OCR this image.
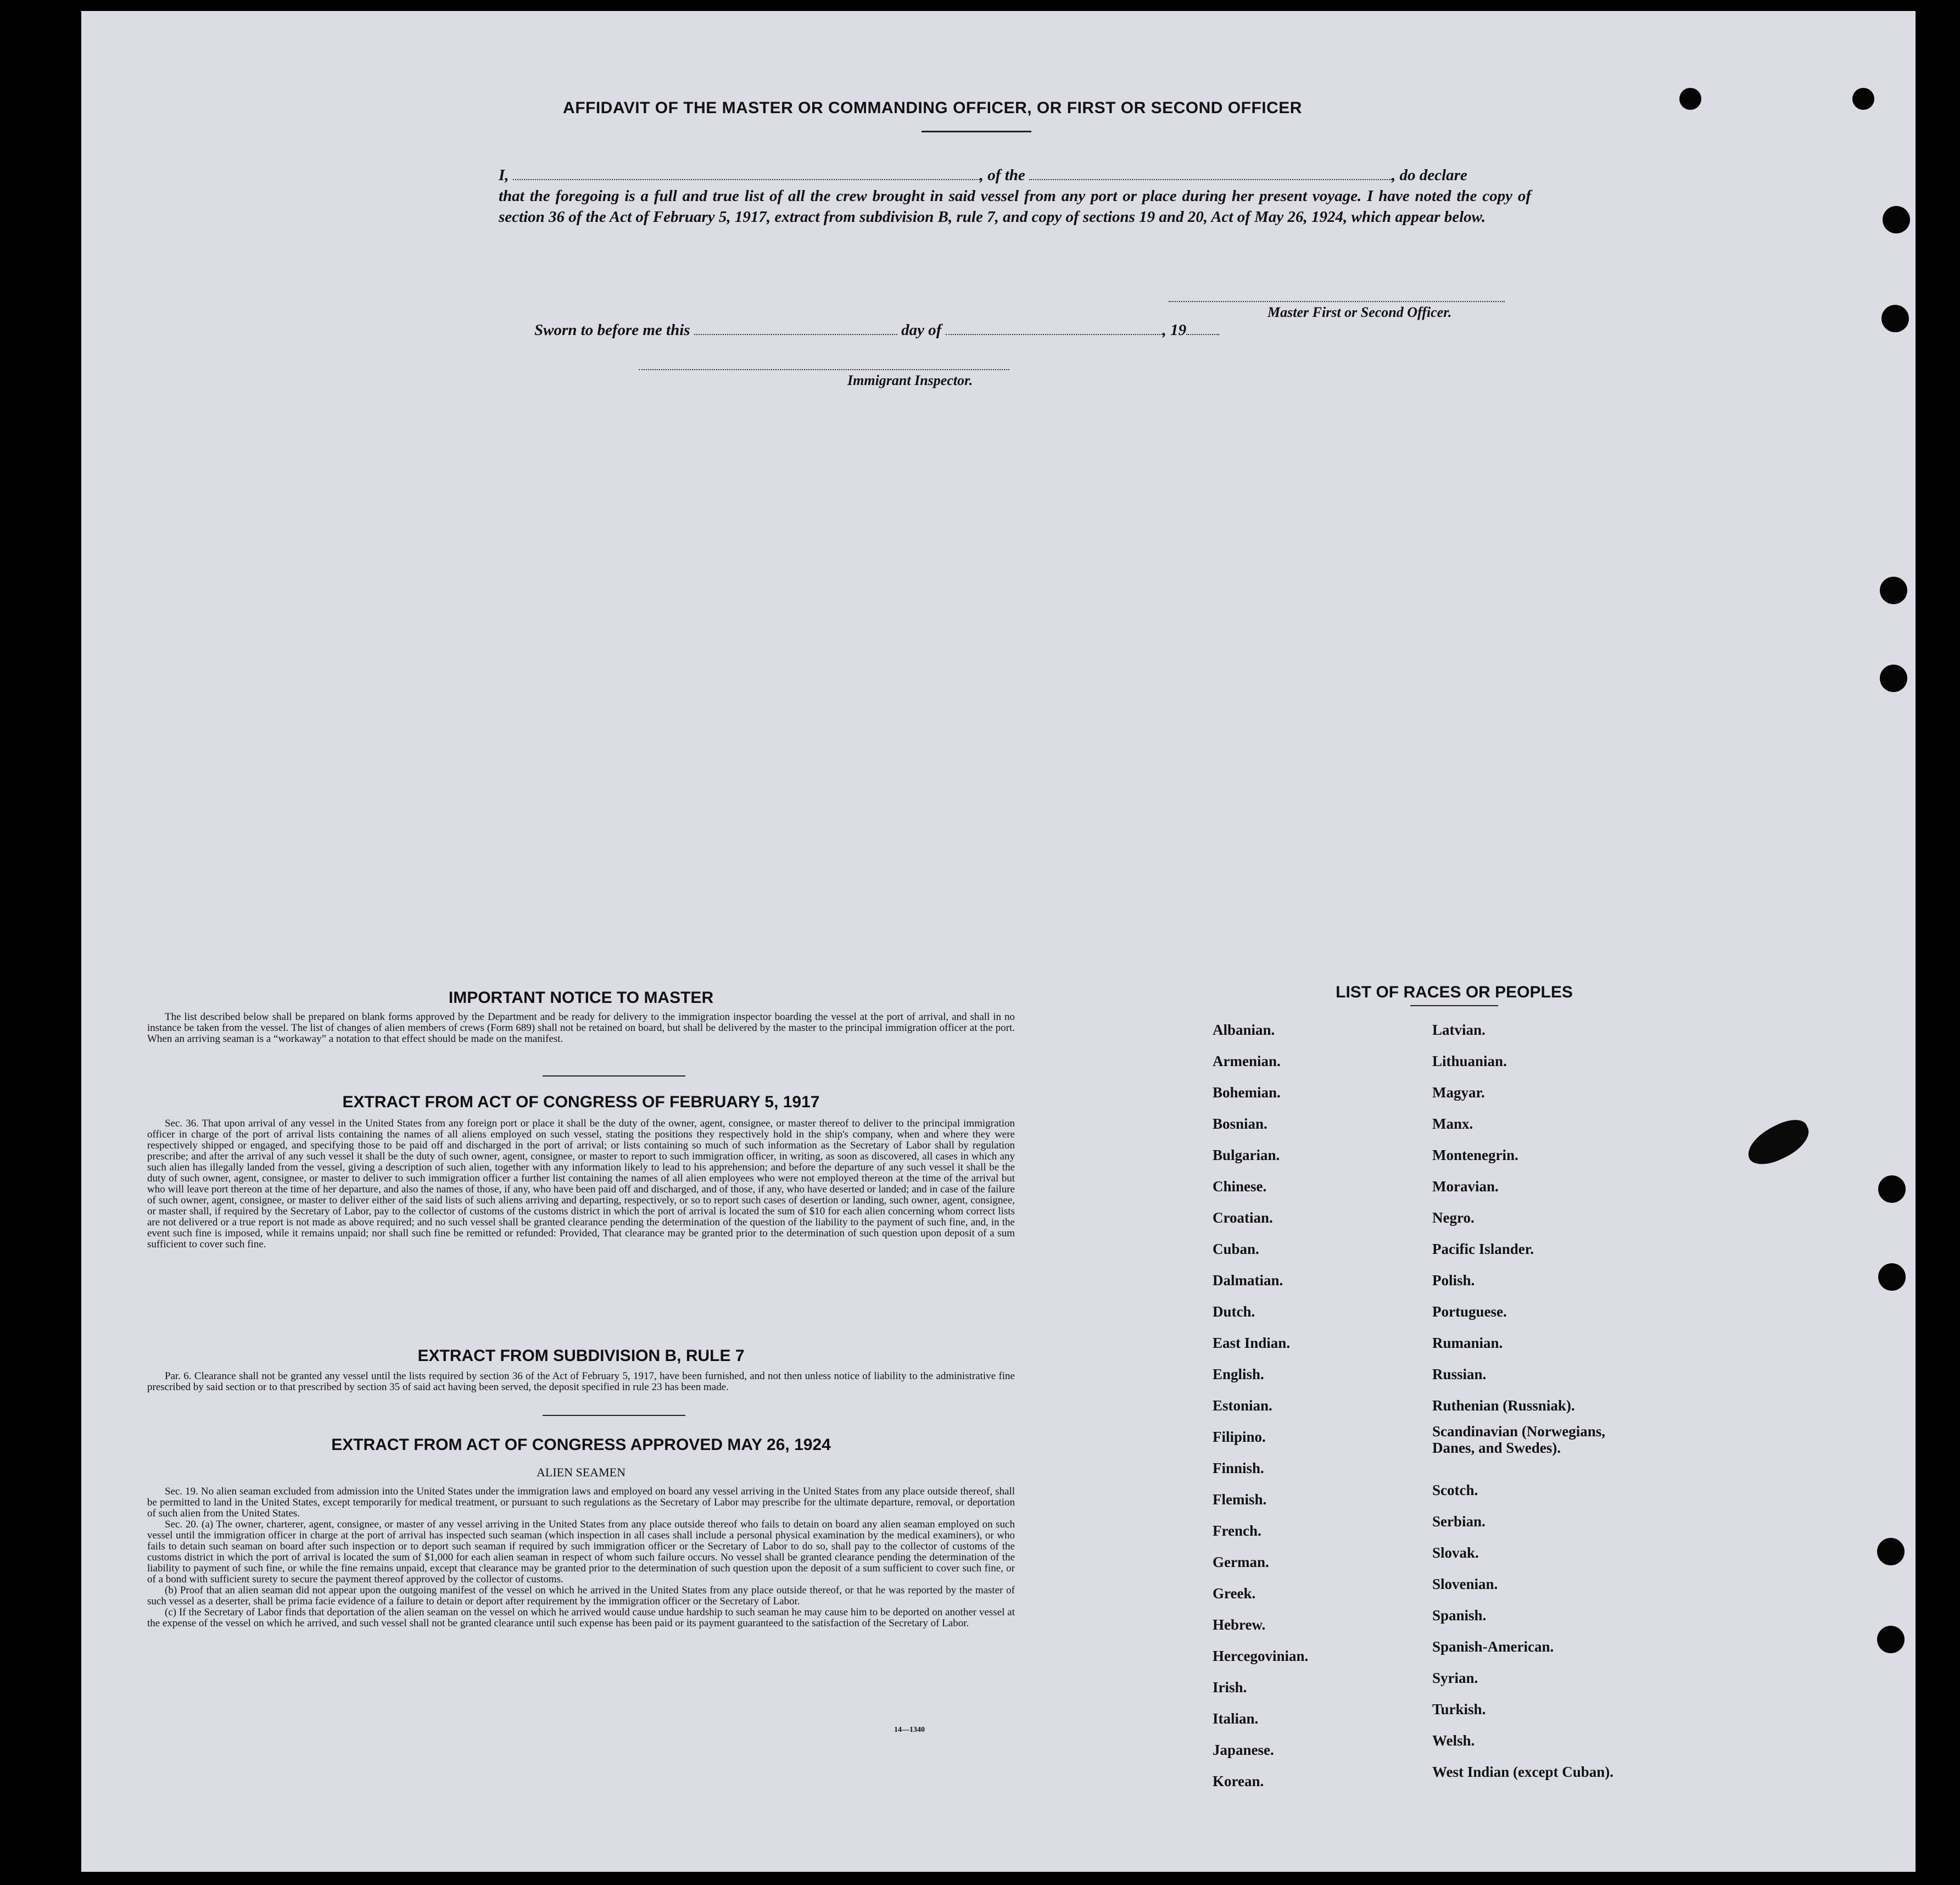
AFFIDAVIT OF THE MASTER OR COMMANDING OFFICER, OR FIRST OR SECOND OFFICER
I,	, of the	, do declare
that the foregoing is a full and true list of all the crew brought in said vessel from any port or place during her present voyage. I have noted the copy of section 36 of the Act of February 5, 1917, extract from subdivision B, rule 7, and copy of sections 19 and 20, Act of May 26, 1924, which appear below.
Master First or Second Officer.
Sworn to before me this	day of	, 19
Immigrant Inspector.
IMPORTANT NOTICE TO MASTER

The list described below shall be prepared on blank forms approved by the Department and be ready for delivery to the immigration inspector boarding the vessel at the port of arrival, and shall in no instance be taken from the vessel. The list of changes of alien members of crews (Form 689) shall not be retained on board, but shall be delivered by the master to the principal immigration officer at the port. When an arriving seaman is a “workaway” a notation to that effect should be made on the manifest.

EXTRACT FROM ACT OF CONGRESS OF FEBRUARY 5, 1917

Sec. 36. That upon arrival of any vessel in the United States from any foreign port or place it shall be the duty of the owner, agent, consignee, or master thereof to deliver to the principal immigration officer in charge of the port of arrival lists containing the names of all aliens employed on such vessel, stating the positions they respectively hold in the ship's company, when and where they were respectively shipped or engaged, and specifying those to be paid off and discharged in the port of arrival; or lists containing so much of such information as the Secretary of Labor shall by regulation prescribe; and after the arrival of any such vessel it shall be the duty of such owner, agent, consignee, or master to report to such immigration officer, in writing, as soon as discovered, all cases in which any such alien has illegally landed from the vessel, giving a description of such alien, together with any information likely to lead to his apprehension; and before the departure of any such vessel it shall be the duty of such owner, agent, consignee, or master to deliver to such immigration officer a further list containing the names of all alien employees who were not employed thereon at the time of the arrival but who will leave port thereon at the time of her departure, and also the names of those, if any, who have been paid off and discharged, and of those, if any, who have deserted or landed; and in case of the failure of such owner, agent, consignee, or master to deliver either of the said lists of such aliens arriving and departing, respectively, or so to report such cases of desertion or landing, such owner, agent, consignee, or master shall, if required by the Secretary of Labor, pay to the collector of customs of the customs district in which the port of arrival is located the sum of $10 for each alien concerning whom correct lists are not delivered or a true report is not made as above required; and no such vessel shall be granted clearance pending the determination of the question of the liability to the payment of such fine, and, in the event such fine is imposed, while it remains unpaid; nor shall such fine be remitted or refunded: Provided, That clearance may be granted prior to the determination of such question upon deposit of a sum sufficient to cover such fine.

EXTRACT FROM SUBDIVISION B, RULE 7

Par. 6. Clearance shall not be granted any vessel until the lists required by section 36 of the Act of February 5, 1917, have been furnished, and not then unless notice of liability to the administrative fine prescribed by said section or to that prescribed by section 35 of said act having been served, the deposit specified in rule 23 has been made.

EXTRACT FROM ACT OF CONGRESS APPROVED MAY 26, 1924
ALIEN SEAMEN

Sec. 19. No alien seaman excluded from admission into the United States under the immigration laws and employed on board any vessel arriving in the United States from any place outside thereof, shall be permitted to land in the United States, except temporarily for medical treatment, or pursuant to such regulations as the Secretary of Labor may prescribe for the ultimate departure, removal, or deportation of such alien from the United States.

Sec. 20. (a) The owner, charterer, agent, consignee, or master of any vessel arriving in the United States from any place outside thereof who fails to detain on board any alien seaman employed on such vessel until the immigration officer in charge at the port of arrival has inspected such seaman (which inspection in all cases shall include a personal physical examination by the medical examiners), or who fails to detain such seaman on board after such inspection or to deport such seaman if required by such immigration officer or the Secretary of Labor to do so, shall pay to the collector of customs of the customs district in which the port of arrival is located the sum of $1,000 for each alien seaman in respect of whom such failure occurs. No vessel shall be granted clearance pending the determination of the liability to payment of such fine, or while the fine remains unpaid, except that clearance may be granted prior to the determination of such question upon the deposit of a sum sufficient to cover such fine, or of a bond with sufficient surety to secure the payment thereof approved by the collector of customs.

(b) Proof that an alien seaman did not appear upon the outgoing manifest of the vessel on which he arrived in the United States from any place outside thereof, or that he was reported by the master of such vessel as a deserter, shall be prima facie evidence of a failure to detain or deport after requirement by the immigration officer or the Secretary of Labor.

(c) If the Secretary of Labor finds that deportation of the alien seaman on the vessel on which he arrived would cause undue hardship to such seaman he may cause him to be deported on another vessel at the expense of the vessel on which he arrived, and such vessel shall not be granted clearance until such expense has been paid or its payment guaranteed to the satisfaction of the Secretary of Labor.

14—1340
LIST OF RACES OR PEOPLES
Albanian.
Armenian.
Bohemian.
Bosnian.
Bulgarian.
Chinese.
Croatian.
Cuban.
Dalmatian.
Dutch.
East Indian.
English.
Estonian.
Filipino.
Finnish.
Flemish.
French.
German.
Greek.
Hebrew.
Hercegovinian.
Irish.
Italian.
Japanese.
Korean.
Latvian.
Lithuanian.
Magyar.
Manx.
Montenegrin.
Moravian.
Negro.
Pacific Islander.
Polish.
Portuguese.
Rumanian.
Russian.
Ruthenian (Russniak).
Scandinavian (Norwegians, Danes, and Swedes).
Scotch.
Serbian.
Slovak.
Slovenian.
Spanish.
Spanish-American.
Syrian.
Turkish.
Welsh.
West Indian (except Cuban).
